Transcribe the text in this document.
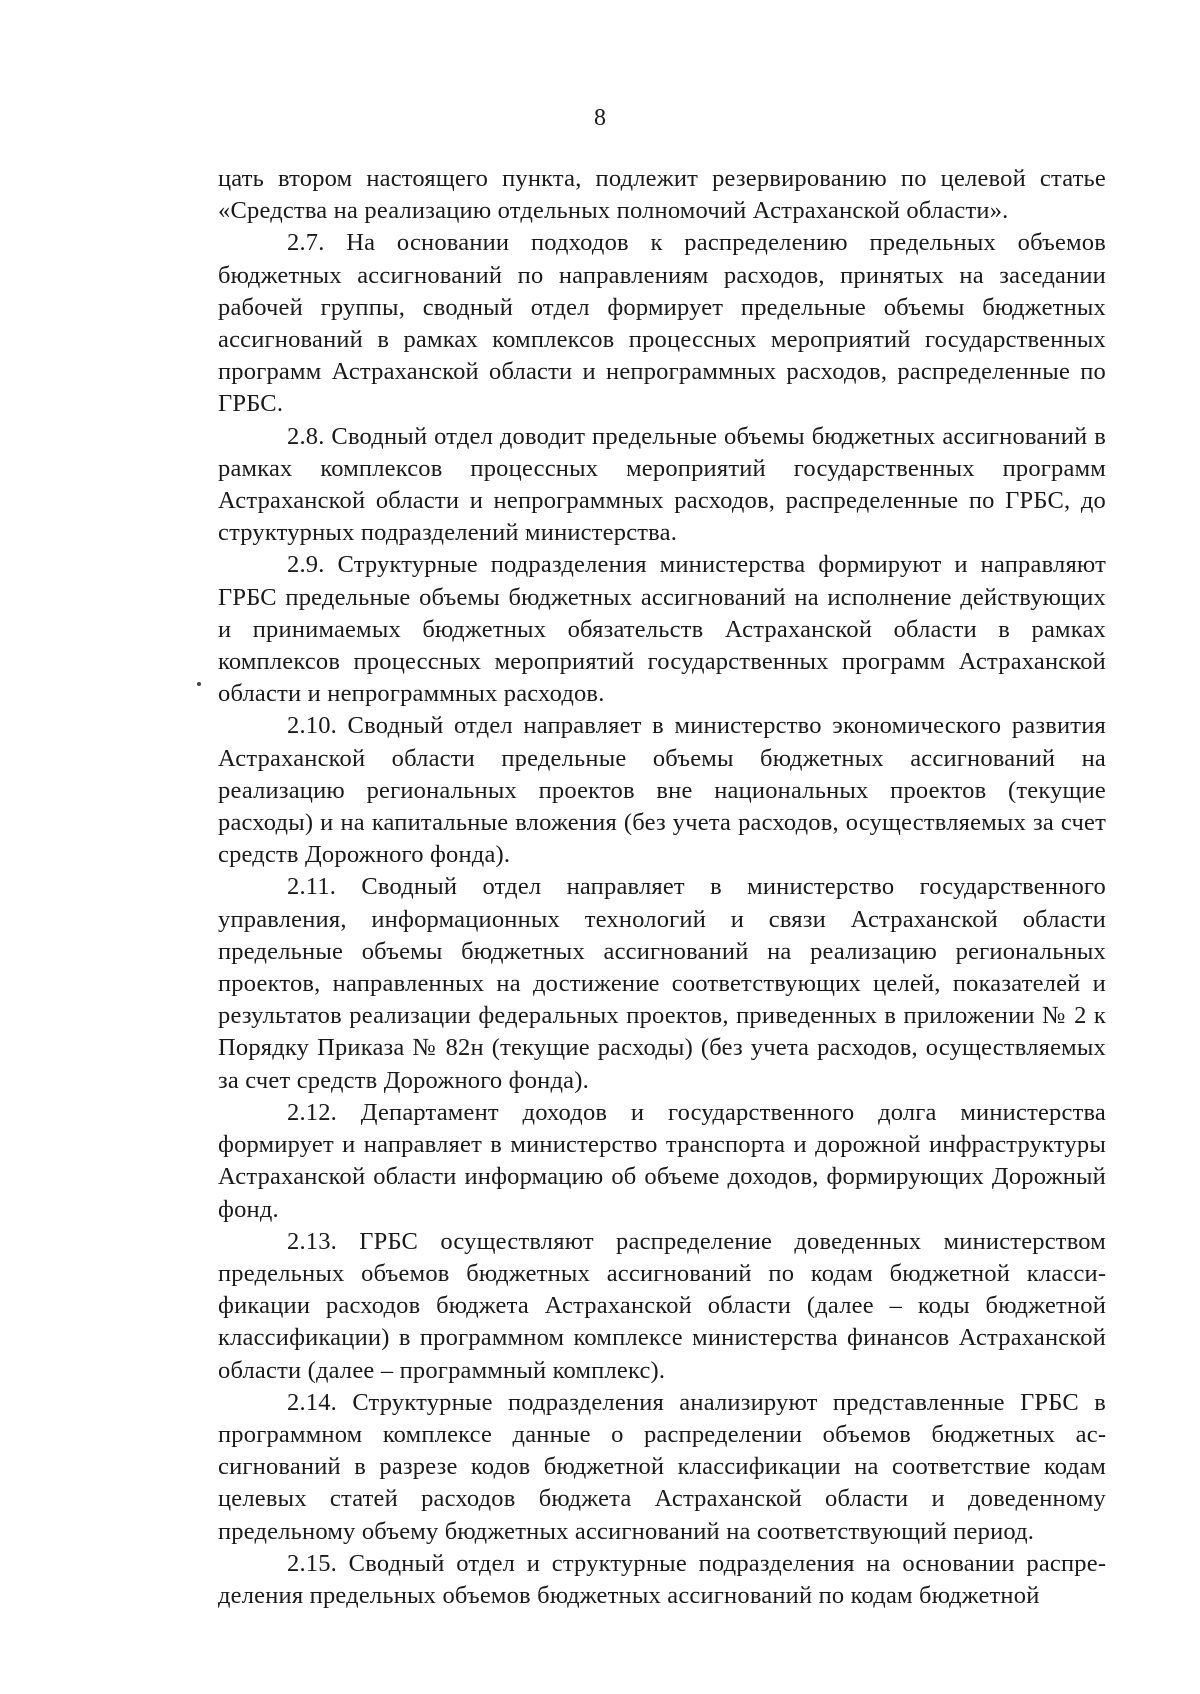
8

цать втором настоящего пункта, подлежит резервированию по целевой статье «Средства на реализацию отдельных полномочий Астраханской области».

2.7. На основании подходов к распределению предельных объемов бюджетных ассигнований по направлениям расходов, принятых на заседании рабочей группы, сводный отдел формирует предельные объемы бюджетных ассигнований в рамках комплексов процессных мероприятий государственных программ Астраханской области и непрограммных расходов, распределенные по ГРБС.

2.8. Сводный отдел доводит предельные объемы бюджетных ассигнований в рамках комплексов процессных мероприятий государственных программ Астраханской области и непрограммных расходов, распределенные по ГРБС, до структурных подразделений министерства.

2.9. Структурные подразделения министерства формируют и направляют ГРБС предельные объемы бюджетных ассигнований на исполнение действующих и принимаемых бюджетных обязательств Астраханской области в рамках комплексов процессных мероприятий государственных программ Астраханской области и непрограммных расходов.

2.10. Сводный отдел направляет в министерство экономического развития Астраханской области предельные объемы бюджетных ассигнований на реализацию региональных проектов вне национальных проектов (текущие расходы) и на капитальные вложения (без учета расходов, осуществляемых за счет средств Дорожного фонда).

2.11. Сводный отдел направляет в министерство государственного управления, информационных технологий и связи Астраханской области предельные объемы бюджетных ассигнований на реализацию региональных проектов, направленных на достижение соответствующих целей, показателей и результатов реализации федеральных проектов, приведенных в приложении № 2 к Порядку Приказа № 82н (текущие расходы) (без учета расходов, осуществляемых за счет средств Дорожного фонда).

2.12. Департамент доходов и государственного долга министерства формирует и направляет в министерство транспорта и дорожной инфраструктуры Астраханской области информацию об объеме доходов, формирующих Дорожный фонд.

2.13. ГРБС осуществляют распределение доведенных министерством предельных объемов бюджетных ассигнований по кодам бюджетной классификации расходов бюджета Астраханской области (далее – коды бюджетной классификации) в программном комплексе министерства финансов Астраханской области (далее – программный комплекс).

2.14. Структурные подразделения анализируют представленные ГРБС в программном комплексе данные о распределении объемов бюджетных ассигнований в разрезе кодов бюджетной классификации на соответствие кодам целевых статей расходов бюджета Астраханской области и доведенному предельному объему бюджетных ассигнований на соответствующий период.

2.15. Сводный отдел и структурные подразделения на основании распределения предельных объемов бюджетных ассигнований по кодам бюджетной
